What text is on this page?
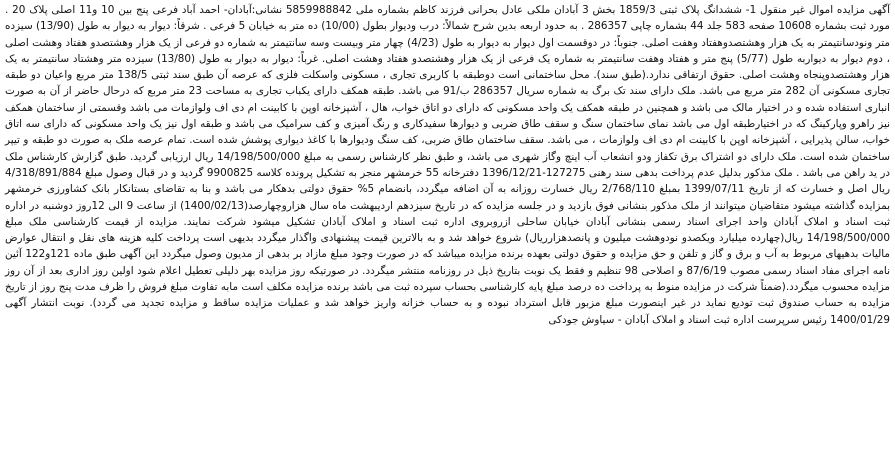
آگهی مزایده اموال غیر منقول 1- ششدانگ پلاک ثبتی 1859/3 بخش 3 آبادان ملکی عادل بحرانی فرزند کاظم بشماره ملی 5859988842 نشانی:آبادان- احمد آباد فرعی پنج بین 10 و11 اصلی پلاک 20 . مورد ثبت بشماره 10608 صفحه 583 جلد 44 بشماره چاپی 286357 . به حدود اربعه بدین شرح شمالاً: درب ودیوار بطول (10/00) ده متر به خیابان 5 فرعی . شرقاً: دیوار به دیوار به طول (13/90) سیزده متر ونودسانتیمتر به یک هزار وهشتصدوهفتاد وهفت اصلی. جنوباً: در دوقسمت اول دیوار به دیوار به طول (4/23) چهار متر وبیست وسه سانتیمتر به شماره دو فرعی از یک هزار وهشتصدو هفتاد وهشت اصلی ، دوم دیوار به دیواربه طول (5/77) پنج متر و هفتاد وهفت سانتیمتر به شماره یک فرعی از یک هزار وهشتصدو هفتاد وهشت اصلی. غرباً: دیوار به دیوار به طول (13/80) سیزده متر وهشتاد سانتیمتر به یک هزار وهشتصدوپنجاه وهشت اصلی. حقوق ارتفاقی ندارد.(طبق سند). محل ساختمانی است دوطبقه با کاربری تجاری ، مسکونی واسکلت فلزی که عرصه آن طبق سند ثبتی 138/5 متر مربع واعیان دو طبقه تجاری مسکونی آن 282 متر مربع می باشد. ملک دارای سند تک برگ به شماره سریال 286357 ب/91 می باشد. طبقه همکف دارای یکباب تجاری به مساحت 23 متر مربع که درحال حاضر از آن به صورت انباری استفاده شده و در اختیار مالک می باشد و همچنین در طبقه همکف یک واحد مسکونی که دارای دو اتاق خواب، هال ، آشپزخانه اوپن با کابینت ام دی اف ولوازمات می باشد وقسمتی از ساختمان همکف نیز راهرو وپارکینگ که در اختیارطبقه اول می باشد نمای ساختمان سنگ و سقف طاق ضربی و دیوارها سفیدکاری و رنگ آمیزی و کف سرامیک می باشد و طبقه اول نیز یک واحد مسکونی که دارای سه اتاق خواب، سالن پذیرایی ، آشپزخانه اوپن با کابینت ام دی اف ولوازمات ، می باشد. سقف ساختمان طاق ضربی، کف سنگ ودیوارها با کاغذ دیواری پوشش شده است. تمام عرصه ملک به صورت دو طبقه و تیپر ساختمان شده است. ملک دارای دو اشتراک برق تکفاز ودو انشعاب آب اینچ وگاز شهری می باشد، و طبق نظر کارشناس رسمی به مبلغ 14/198/500/000 ریال ارزیابی گردید. طبق گزارش کارشناس ملک در ید راهن می باشد . ملک مذکور بدلیل عدم پرداخت بدهی سند رهنی 127275-1396/12/21 دفترخانه 55 خرمشهر منجر به تشکیل پرونده کلاسه 9900825 گردید و در قبال وصول مبلغ 4/318/891/884 ریال اصل و خسارت که از تاریخ 1399/07/11 بمبلغ 2/768/110 ریال خسارت روزانه به آن اضافه میگردد، بانضمام 5% حقوق دولتی بدهکار می باشد و بنا به تقاضای بستانکار بانک کشاورزی خرمشهر بمزایده گذاشته میشود متقاضیان میتوانند از ملک مذکور بنشانی فوق بازدید و در جلسه مزایده که در تاریخ سیزدهم اردیبهشت ماه سال هزاروچهارصد(1400/02/13) از ساعت 9 الی 12روز دوشنبه در اداره ثبت اسناد و املاک آبادان واحد اجرای اسناد رسمی بنشانی آبادان خیابان ساحلی ازروبروی اداره ثبت اسناد و املاک آبادان تشکیل میشود شرکت نمایند. مزایده از قیمت کارشناسی ملک مبلغ 14/198/500/000 ریال(چهارده میلیارد ویکصدو نودوهشت میلیون و پانصدهزارریال) شروع خواهد شد و به بالاترین قیمت پیشنهادی واگذار میگردد بدیهی است پرداخت کلیه هزینه های نقل و انتقال عوارض مالیات بدهیهای مربوط به آب و برق و گاز و تلفن و حق مزایده و حقوق دولتی بعهده برنده مزایده میباشد که در صورت وجود مبلغ مازاد بر بدهی از مدیون وصول میگردد این آگهی طبق ماده 121و122 آئین نامه اجرای مفاد اسناد رسمی مصوب 87/6/19 و اصلاحی 98 تنظیم و فقط یک نوبت بتاریخ ذیل در روزنامه منتشر میگردد. در صورتیکه روز مزایده بهر دلیلی تعطیل اعلام شود اولین روز اداری بعد از آن روز مزایده محسوب میگردد.(ضمناً شرکت در مزایده منوط به پرداخت ده درصد مبلغ پایه کارشناسی بحساب سپرده ثبت می باشد برنده مزایده مکلف است مابه تفاوت مبلغ فروش را ظرف مدت پنج روز از تاریخ مزایده به حساب صندوق ثبت تودیع نماید در غیر اینصورت مبلغ مزبور قابل استرداد نبوده و به حساب خزانه واریز خواهد شد و عملیات مزایده ساقط و مزایده تجدید می گردد). نوبت انتشار آگهی 1400/01/29 رئیس سرپرست اداره ثبت اسناد و املاک آبادان - سیاوش جودکی
